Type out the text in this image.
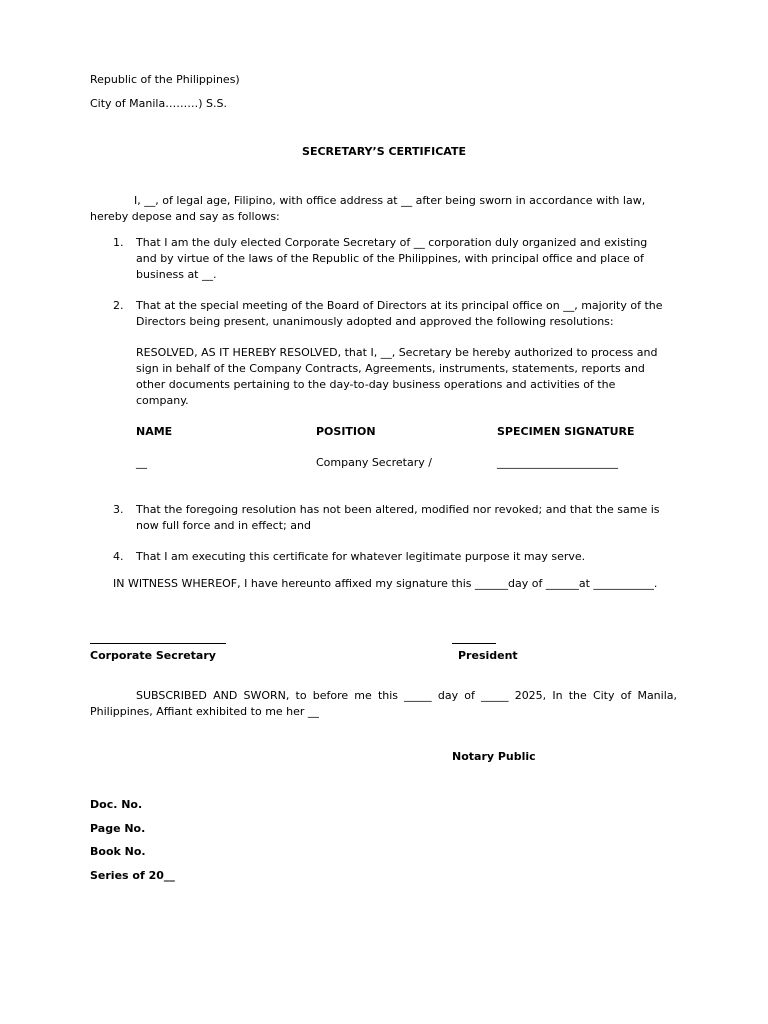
Republic of the Philippines)
City of Manila………) S.S.
SECRETARY’S CERTIFICATE
I, __, of legal age, Filipino, with office address at __ after being sworn in accordance with law,
hereby depose and say as follows:
1. That I am the duly elected Corporate Secretary of __ corporation duly organized and existing and by virtue of the laws of the Republic of the Philippines, with principal office and place of business at __.
2. That at the special meeting of the Board of Directors at its principal office on __, majority of the Directors being present, unanimously adopted and approved the following resolutions:
RESOLVED, AS IT HEREBY RESOLVED, that I, __, Secretary be hereby authorized to process and sign in behalf of the Company Contracts, Agreements, instruments, statements, reports and other documents pertaining to the day-to-day business operations and activities of the company.
NAME	POSITION	SPECIMEN SIGNATURE
__	Company Secretary /	______________________
3. That the foregoing resolution has not been altered, modified nor revoked; and that the same is now full force and in effect; and
4. That I am executing this certificate for whatever legitimate purpose it may serve.
IN WITNESS WHEREOF, I have hereunto affixed my signature this ______day of ______at ___________.
Corporate Secretary	President
SUBSCRIBED AND SWORN, to before me this _____ day of _____ 2025, In the City of Manila,
Philippines, Affiant exhibited to me her __
Notary Public
Doc. No.
Page No.
Book No.
Series of 20__
